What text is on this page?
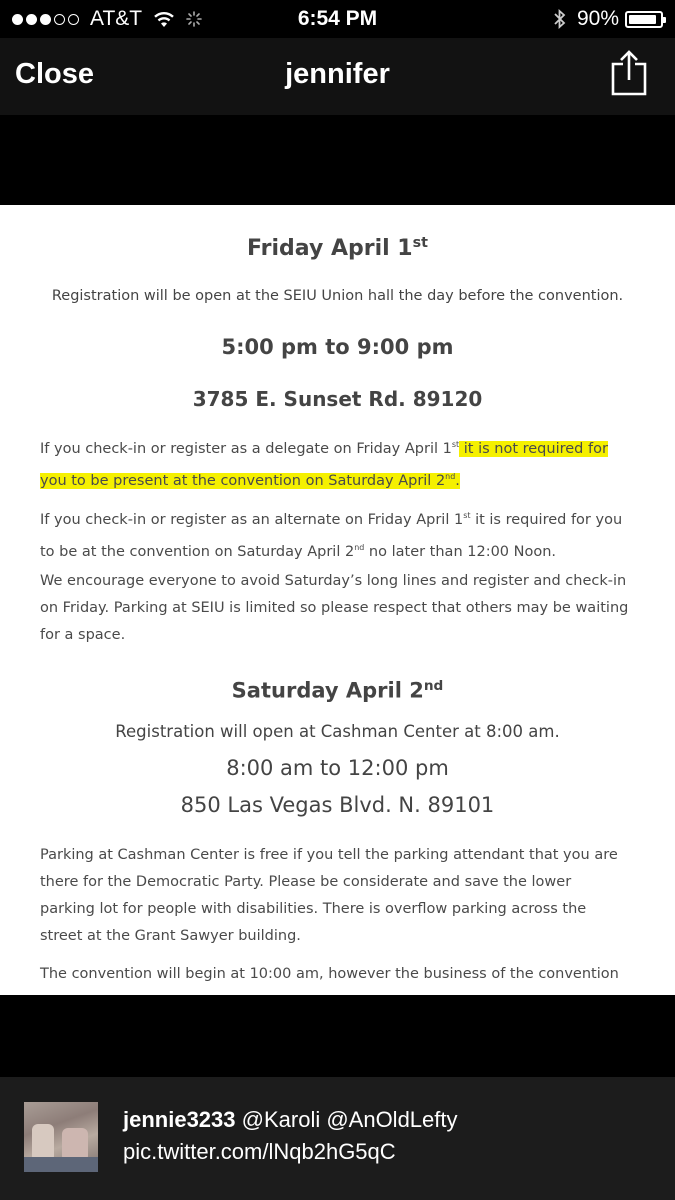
AT&T	6:54 PM	90%
Close	jennifer
Friday April 1st
Registration will be open at the SEIU Union hall the day before the convention.
5:00 pm to 9:00 pm
3785 E. Sunset Rd. 89120
If you check-in or register as a delegate on Friday April 1st it is not required for
you to be present at the convention on Saturday April 2nd.
If you check-in or register as an alternate on Friday April 1st it is required for you
to be at the convention on Saturday April 2nd no later than 12:00 Noon.
We encourage everyone to avoid Saturday’s long lines and register and check-in
on Friday. Parking at SEIU is limited so please respect that others may be waiting
for a space.
Saturday April 2nd
Registration will open at Cashman Center at 8:00 am.
8:00 am to 12:00 pm
850 Las Vegas Blvd. N. 89101
Parking at Cashman Center is free if you tell the parking attendant that you are
there for the Democratic Party. Please be considerate and save the lower
parking lot for people with disabilities. There is overflow parking across the
street at the Grant Sawyer building.
The convention will begin at 10:00 am, however the business of the convention
jennie3233 @Karoli @AnOldLefty
pic.twitter.com/lNqb2hG5qC
